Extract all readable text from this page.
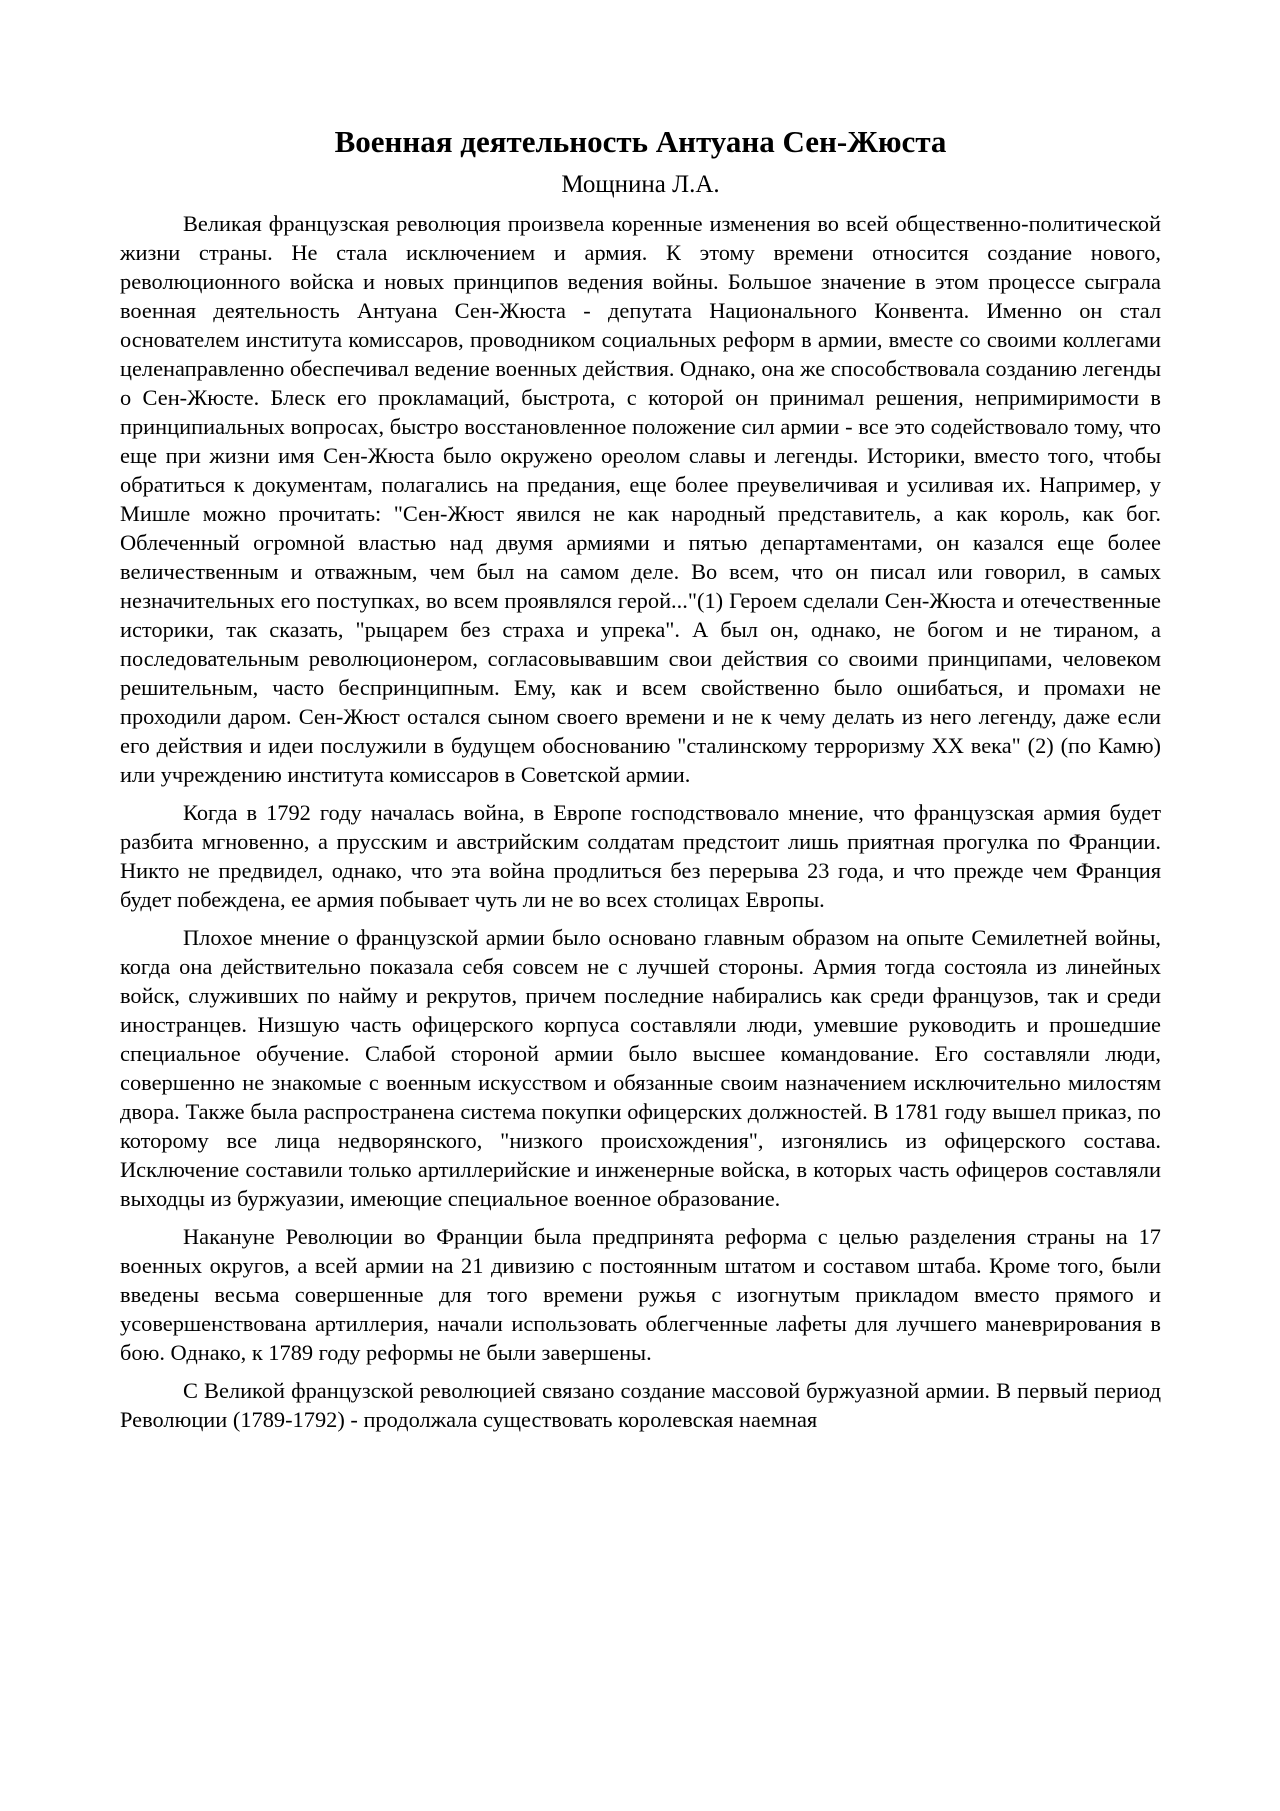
Военная деятельность Антуана Сен-Жюста
Мощнина Л.А.

Великая французская революция произвела коренные изменения во всей общественно-политической жизни страны. Не стала исключением и армия. К этому времени относится создание нового, революционного войска и новых принципов ведения войны. Большое значение в этом процессе сыграла военная деятельность Антуана Сен-Жюста - депутата Национального Конвента. Именно он стал основателем института комиссаров, проводником социальных реформ в армии, вместе со своими коллегами целенаправленно обеспечивал ведение военных действия. Однако, она же способствовала созданию легенды о Сен-Жюсте. Блеск его прокламаций, быстрота, с которой он принимал решения, непримиримости в принципиальных вопросах, быстро восстановленное положение сил армии - все это содействовало тому, что еще при жизни имя Сен-Жюста было окружено ореолом славы и легенды. Историки, вместо того, чтобы обратиться к документам, полагались на предания, еще более преувеличивая и усиливая их. Например, у Мишле можно прочитать: "Сен-Жюст явился не как народный представитель, а как король, как бог. Облеченный огромной властью над двумя армиями и пятью департаментами, он казался еще более величественным и отважным, чем был на самом деле. Во всем, что он писал или говорил, в самых незначительных его поступках, во всем проявлялся герой..."(1) Героем сделали Сен-Жюста и отечественные историки, так сказать, "рыцарем без страха и упрека". А был он, однако, не богом и не тираном, а последовательным революционером, согласовывавшим свои действия со своими принципами, человеком решительным, часто беспринципным. Ему, как и всем свойственно было ошибаться, и промахи не проходили даром. Сен-Жюст остался сыном своего времени и не к чему делать из него легенду, даже если его действия и идеи послужили в будущем обоснованию "сталинскому терроризму XX века" (2) (по Камю) или учреждению института комиссаров в Советской армии.

Когда в 1792 году началась война, в Европе господствовало мнение, что французская армия будет разбита мгновенно, а прусским и австрийским солдатам предстоит лишь приятная прогулка по Франции. Никто не предвидел, однако, что эта война продлиться без перерыва 23 года, и что прежде чем Франция будет побеждена, ее армия побывает чуть ли не во всех столицах Европы.

Плохое мнение о французской армии было основано главным образом на опыте Семилетней войны, когда она действительно показала себя совсем не с лучшей стороны. Армия тогда состояла из линейных войск, служивших по найму и рекрутов, причем последние набирались как среди французов, так и среди иностранцев. Низшую часть офицерского корпуса составляли люди, умевшие руководить и прошедшие специальное обучение. Слабой стороной армии было высшее командование. Его составляли люди, совершенно не знакомые с военным искусством и обязанные своим назначением исключительно милостям двора. Также была распространена система покупки офицерских должностей. В 1781 году вышел приказ, по которому все лица недворянского, "низкого происхождения", изгонялись из офицерского состава. Исключение составили только артиллерийские и инженерные войска, в которых часть офицеров составляли выходцы из буржуазии, имеющие специальное военное образование.

Накануне Революции во Франции была предпринята реформа с целью разделения страны на 17 военных округов, а всей армии на 21 дивизию с постоянным штатом и составом штаба. Кроме того, были введены весьма совершенные для того времени ружья с изогнутым прикладом вместо прямого и усовершенствована артиллерия, начали использовать облегченные лафеты для лучшего маневрирования в бою. Однако, к 1789 году реформы не были завершены.

С Великой французской революцией связано создание массовой буржуазной армии. В первый период Революции (1789-1792) - продолжала существовать королевская наемная
